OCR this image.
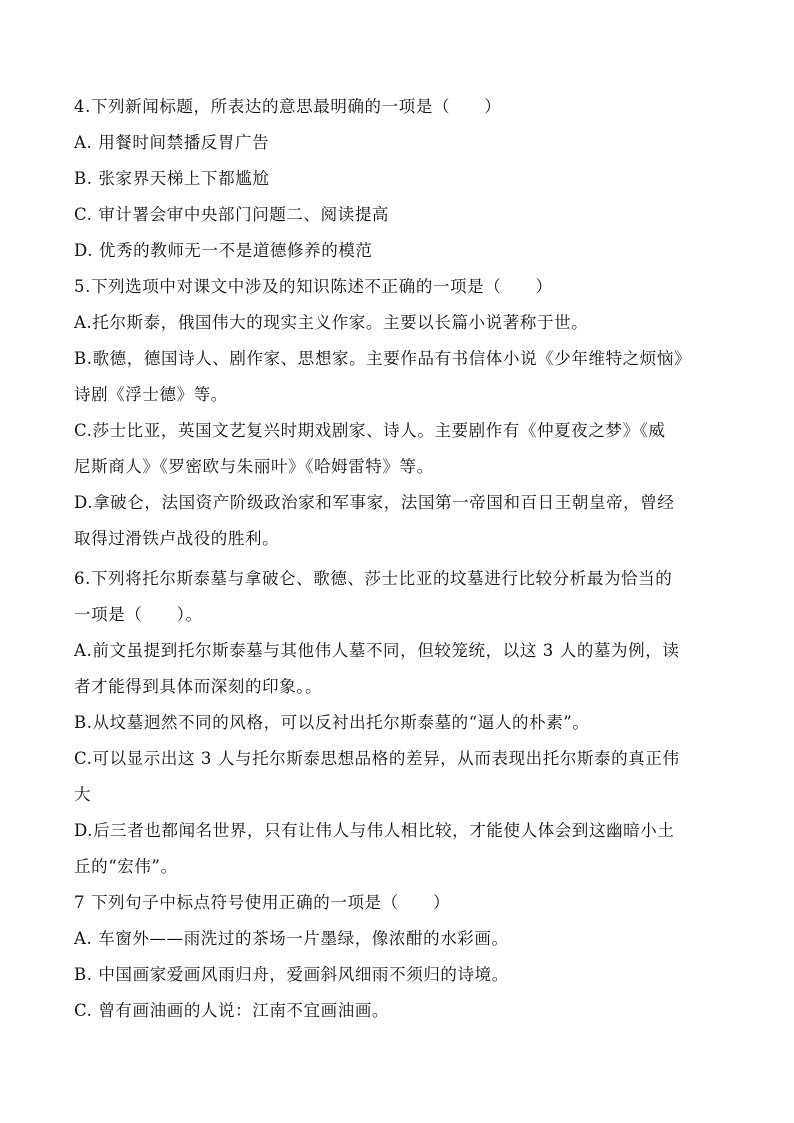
4.下列新闻标题，所表达的意思最明确的一项是（　　）
A. 用餐时间禁播反胃广告
B. 张家界天梯上下都尴尬
C. 审计署会审中央部门问题二、阅读提高
D. 优秀的教师无一不是道德修养的模范
5.下列选项中对课文中涉及的知识陈述不正确的一项是（　　）
A.托尔斯泰，俄国伟大的现实主义作家。主要以长篇小说著称于世。
B.歌德，德国诗人、剧作家、思想家。主要作品有书信体小说《少年维特之烦恼》
诗剧《浮士德》等。
C.莎士比亚，英国文艺复兴时期戏剧家、诗人。主要剧作有《仲夏夜之梦》《威
尼斯商人》《罗密欧与朱丽叶》《哈姆雷特》等。
D.拿破仑，法国资产阶级政治家和军事家，法国第一帝国和百日王朝皇帝，曾经
取得过滑铁卢战役的胜利。
6.下列将托尔斯泰墓与拿破仑、歌德、莎士比亚的坟墓进行比较分析最为恰当的
一项是（　　）。
A.前文虽提到托尔斯泰墓与其他伟人墓不同，但较笼统，以这 3 人的墓为例，读
者才能得到具体而深刻的印象。。
B.从坟墓迥然不同的风格，可以反衬出托尔斯泰墓的“逼人的朴素”。
C.可以显示出这 3 人与托尔斯泰思想品格的差异，从而表现出托尔斯泰的真正伟
大
D.后三者也都闻名世界，只有让伟人与伟人相比较，才能使人体会到这幽暗小土
丘的“宏伟”。
7 下列句子中标点符号使用正确的一项是（　　）
A. 车窗外——雨洗过的茶场一片墨绿，像浓酣的水彩画。
B. 中国画家爱画风雨归舟，爱画斜风细雨不须归的诗境。
C. 曾有画油画的人说：江南不宜画油画。
